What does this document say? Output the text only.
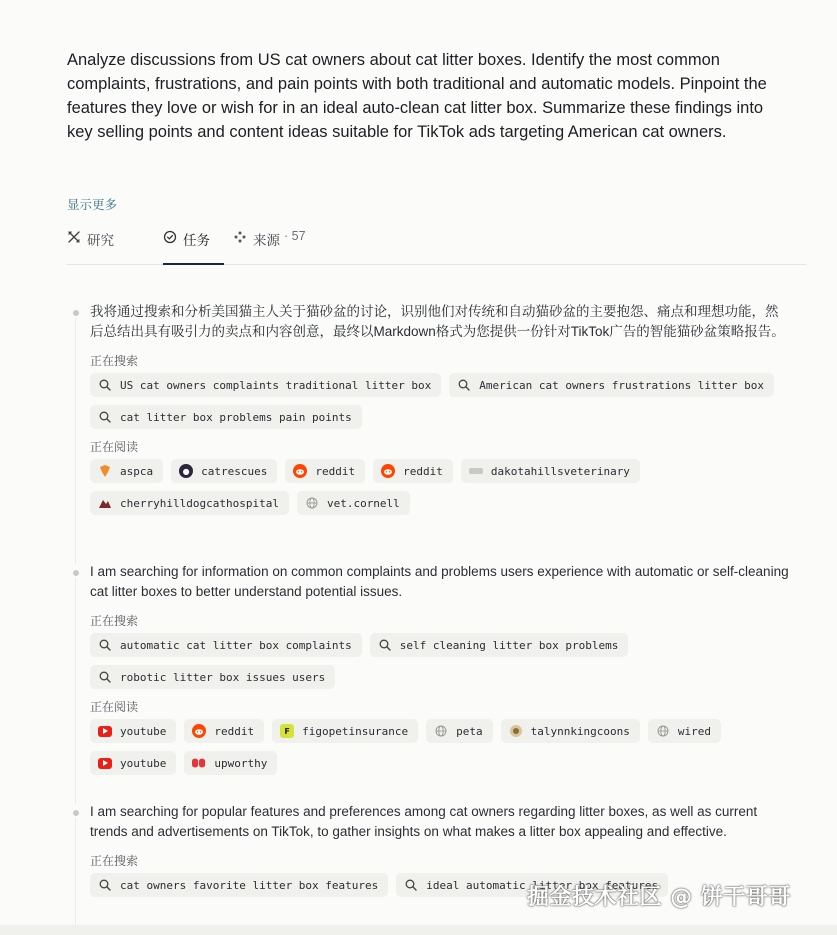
Analyze discussions from US cat owners about cat litter boxes. Identify the most common complaints, frustrations, and pain points with both traditional and automatic models. Pinpoint the features they love or wish for in an ideal auto-clean cat litter box. Summarize these findings into key selling points and content ideas suitable for TikTok ads targeting American cat owners.
显示更多
研究	任务	来源 · 57
我将通过搜索和分析美国猫主人关于猫砂盆的讨论，识别他们对传统和自动猫砂盆的主要抱怨、痛点和理想功能，然后总结出具有吸引力的卖点和内容创意，最终以Markdown格式为您提供一份针对TikTok广告的智能猫砂盆策略报告。
正在搜索
US cat owners complaints traditional litter box	American cat owners frustrations litter box
cat litter box problems pain points
正在阅读
aspca	●	catrescues	reddit	reddit	dakotahillsveterinary
cherryhilldogcathospital	vet.cornell
I am searching for information on common complaints and problems users experience with automatic or self-cleaning cat litter boxes to better understand potential issues.
正在搜索
automatic cat litter box complaints	self cleaning litter box problems
robotic litter box issues users
正在阅读
youtube	reddit	F	figopetinsurance	peta	talynnkingcoons	wired
youtube	upworthy
I am searching for popular features and preferences among cat owners regarding litter boxes, as well as current trends and advertisements on TikTok, to gather insights on what makes a litter box appealing and effective.
正在搜索
cat owners favorite litter box features	ideal automatic litter box features
掘金技术社区 @ 饼干哥哥
